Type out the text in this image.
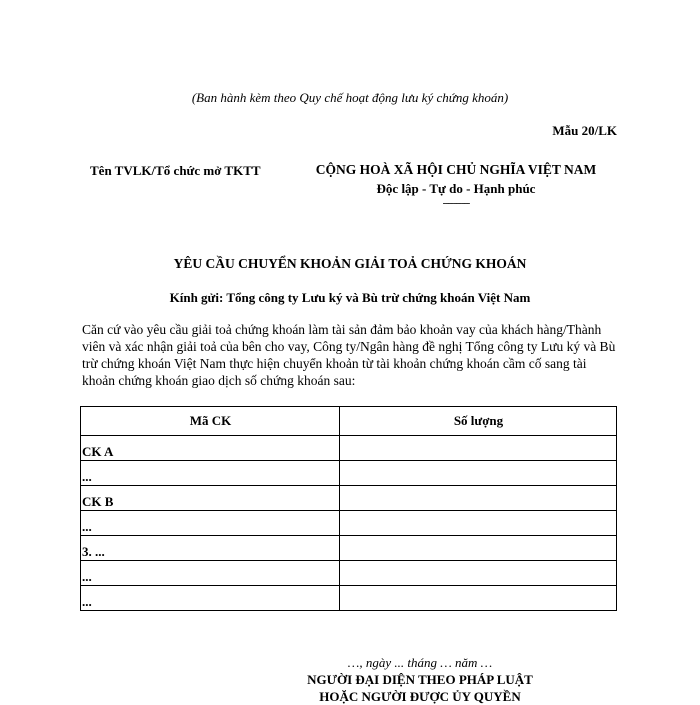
(Ban hành kèm theo Quy chế hoạt động lưu ký chứng khoán)
Mẫu 20/LK
Tên TVLK/Tổ chức mở TKTT	CỘNG HOÀ XÃ HỘI CHỦ NGHĨA VIỆT NAM
Độc lập - Tự do - Hạnh phúc
----------
YÊU CẦU CHUYỂN KHOẢN GIẢI TOẢ CHỨNG KHOÁN
Kính gửi: Tổng công ty Lưu ký và Bù trừ chứng khoán Việt Nam
Căn cứ vào yêu cầu giải toả chứng khoán làm tài sản đảm bảo khoản vay của khách hàng/Thành viên và xác nhận giải toả của bên cho vay, Công ty/Ngân hàng đề nghị Tổng công ty Lưu ký và Bù trừ chứng khoán Việt Nam thực hiện chuyển khoản từ tài khoản chứng khoán cầm cố sang tài khoản chứng khoán giao dịch số chứng khoán sau:
Mã CK	Số lượng
CK A	
...	
CK B	
...	
3. ...	
...	
...	
…, ngày ... tháng … năm …
NGƯỜI ĐẠI DIỆN THEO PHÁP LUẬT
HOẶC NGƯỜI ĐƯỢC ỦY QUYỀN
